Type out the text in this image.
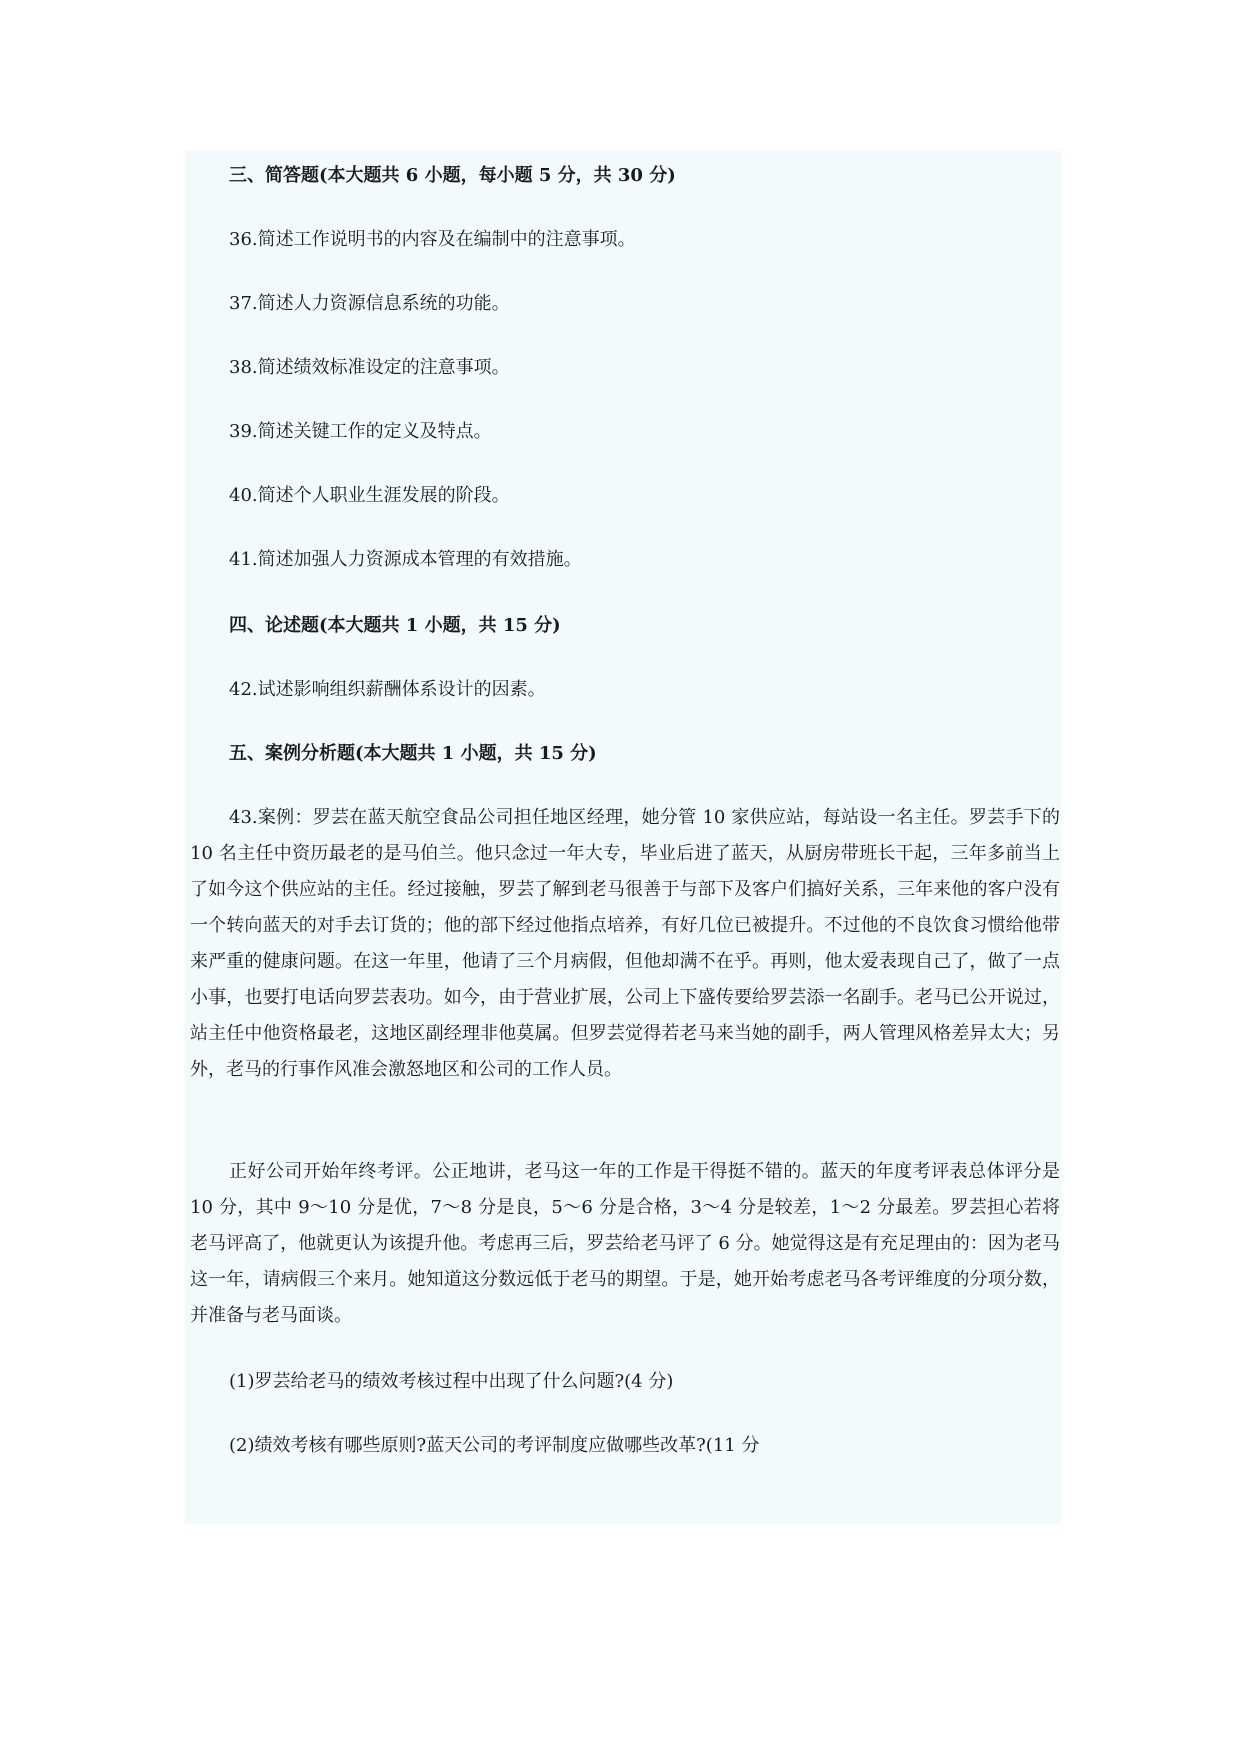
三、简答题(本大题共 6 小题，每小题 5 分，共 30 分)

36.简述工作说明书的内容及在编制中的注意事项。

37.简述人力资源信息系统的功能。

38.简述绩效标准设定的注意事项。

39.简述关键工作的定义及特点。

40.简述个人职业生涯发展的阶段。

41.简述加强人力资源成本管理的有效措施。

四、论述题(本大题共 1 小题，共 15 分)

42.试述影响组织薪酬体系设计的因素。

五、案例分析题(本大题共 1 小题，共 15 分)

43.案例：罗芸在蓝天航空食品公司担任地区经理，她分管 10 家供应站，每站设一名主任。罗芸手下的 10 名主任中资历最老的是马伯兰。他只念过一年大专，毕业后进了蓝天，从厨房带班长干起，三年多前当上了如今这个供应站的主任。经过接触，罗芸了解到老马很善于与部下及客户们搞好关系，三年来他的客户没有一个转向蓝天的对手去订货的；他的部下经过他指点培养，有好几位已被提升。不过他的不良饮食习惯给他带来严重的健康问题。在这一年里，他请了三个月病假，但他却满不在乎。再则，他太爱表现自己了，做了一点小事，也要打电话向罗芸表功。如今，由于营业扩展，公司上下盛传要给罗芸添一名副手。老马已公开说过，站主任中他资格最老，这地区副经理非他莫属。但罗芸觉得若老马来当她的副手，两人管理风格差异太大；另外，老马的行事作风准会激怒地区和公司的工作人员。

正好公司开始年终考评。公正地讲，老马这一年的工作是干得挺不错的。蓝天的年度考评表总体评分是 10 分，其中 9～10 分是优，7～8 分是良，5～6 分是合格，3～4 分是较差，1～2 分最差。罗芸担心若将老马评高了，他就更认为该提升他。考虑再三后，罗芸给老马评了 6 分。她觉得这是有充足理由的：因为老马这一年，请病假三个来月。她知道这分数远低于老马的期望。于是，她开始考虑老马各考评维度的分项分数，并准备与老马面谈。

(1)罗芸给老马的绩效考核过程中出现了什么问题?(4 分)

(2)绩效考核有哪些原则?蓝天公司的考评制度应做哪些改革?(11 分
